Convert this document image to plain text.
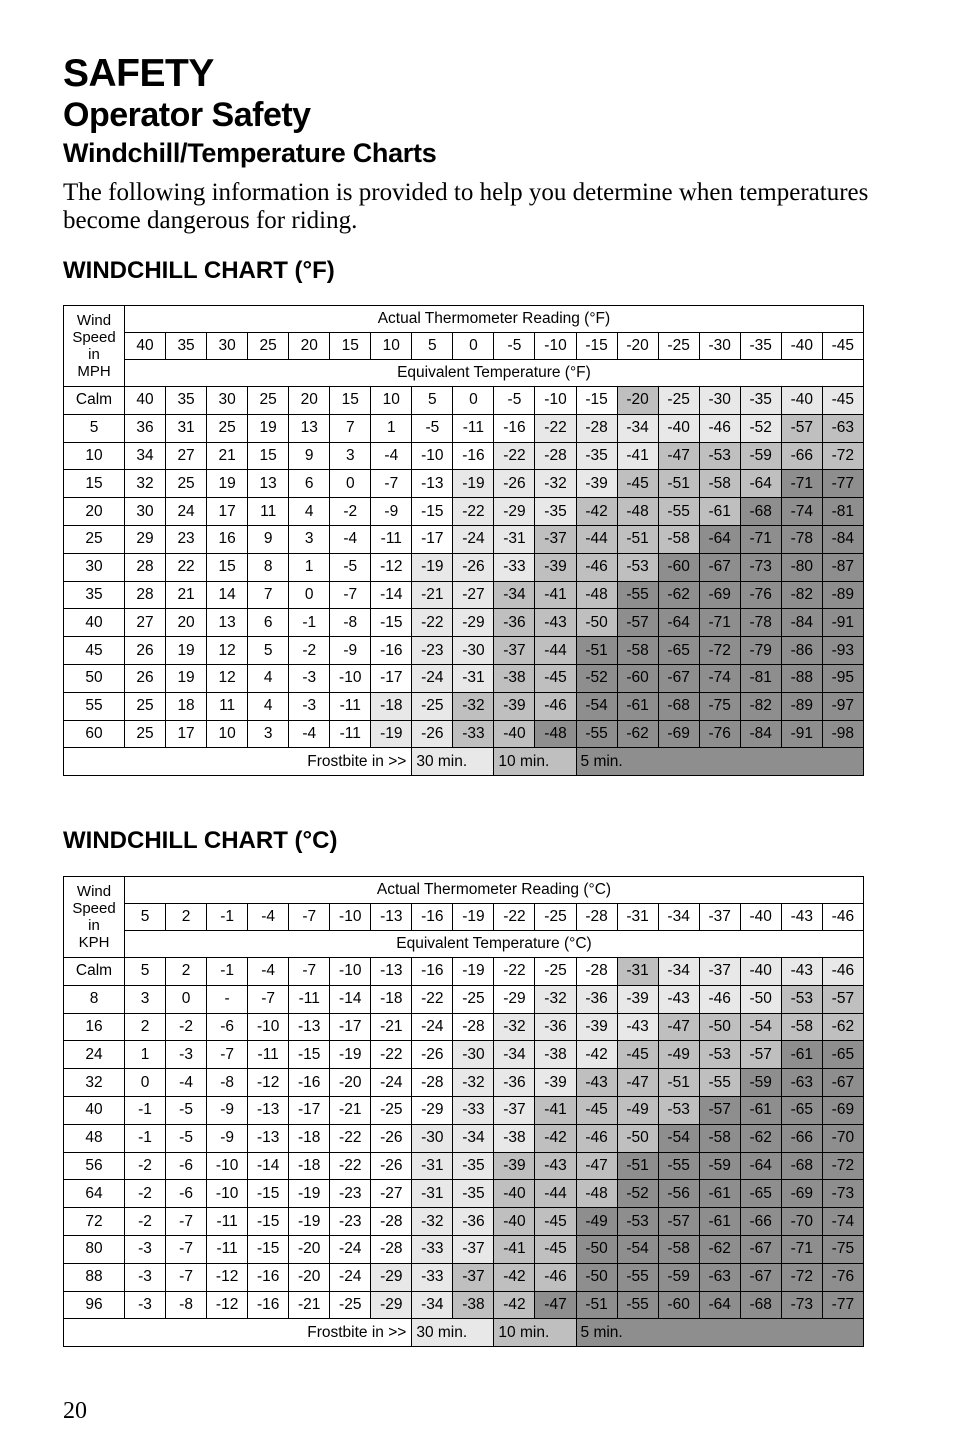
SAFETY
Operator Safety
Windchill/Temperature Charts
The following information is provided to help you determine when temperatures become dangerous for riding.
WINDCHILL CHART (°F)
Wind
Speed
in
MPH	Actual Thermometer Reading (°F)																	
	40	35	30	25	20	15	10	5	0	-5	-10	-15	-20	-25	-30	-35	-40	-45
	Equivalent Temperature (°F)																	
Calm	40	35	30	25	20	15	10	5	0	-5	-10	-15	-20	-25	-30	-35	-40	-45
5	36	31	25	19	13	7	1	-5	-11	-16	-22	-28	-34	-40	-46	-52	-57	-63
10	34	27	21	15	9	3	-4	-10	-16	-22	-28	-35	-41	-47	-53	-59	-66	-72
15	32	25	19	13	6	0	-7	-13	-19	-26	-32	-39	-45	-51	-58	-64	-71	-77
20	30	24	17	11	4	-2	-9	-15	-22	-29	-35	-42	-48	-55	-61	-68	-74	-81
25	29	23	16	9	3	-4	-11	-17	-24	-31	-37	-44	-51	-58	-64	-71	-78	-84
30	28	22	15	8	1	-5	-12	-19	-26	-33	-39	-46	-53	-60	-67	-73	-80	-87
35	28	21	14	7	0	-7	-14	-21	-27	-34	-41	-48	-55	-62	-69	-76	-82	-89
40	27	20	13	6	-1	-8	-15	-22	-29	-36	-43	-50	-57	-64	-71	-78	-84	-91
45	26	19	12	5	-2	-9	-16	-23	-30	-37	-44	-51	-58	-65	-72	-79	-86	-93
50	26	19	12	4	-3	-10	-17	-24	-31	-38	-45	-52	-60	-67	-74	-81	-88	-95
55	25	18	11	4	-3	-11	-18	-25	-32	-39	-46	-54	-61	-68	-75	-82	-89	-97
60	25	17	10	3	-4	-11	-19	-26	-33	-40	-48	-55	-62	-69	-76	-84	-91	-98
Frostbite in >>								30 min.		10 min.		5 min.						
WINDCHILL CHART (°C)
Wind
Speed
in
KPH	Actual Thermometer Reading (°C)																	
	5	2	-1	-4	-7	-10	-13	-16	-19	-22	-25	-28	-31	-34	-37	-40	-43	-46
	Equivalent Temperature (°C)																	
Calm	5	2	-1	-4	-7	-10	-13	-16	-19	-22	-25	-28	-31	-34	-37	-40	-43	-46
8	3	0	-	-7	-11	-14	-18	-22	-25	-29	-32	-36	-39	-43	-46	-50	-53	-57
16	2	-2	-6	-10	-13	-17	-21	-24	-28	-32	-36	-39	-43	-47	-50	-54	-58	-62
24	1	-3	-7	-11	-15	-19	-22	-26	-30	-34	-38	-42	-45	-49	-53	-57	-61	-65
32	0	-4	-8	-12	-16	-20	-24	-28	-32	-36	-39	-43	-47	-51	-55	-59	-63	-67
40	-1	-5	-9	-13	-17	-21	-25	-29	-33	-37	-41	-45	-49	-53	-57	-61	-65	-69
48	-1	-5	-9	-13	-18	-22	-26	-30	-34	-38	-42	-46	-50	-54	-58	-62	-66	-70
56	-2	-6	-10	-14	-18	-22	-26	-31	-35	-39	-43	-47	-51	-55	-59	-64	-68	-72
64	-2	-6	-10	-15	-19	-23	-27	-31	-35	-40	-44	-48	-52	-56	-61	-65	-69	-73
72	-2	-7	-11	-15	-19	-23	-28	-32	-36	-40	-45	-49	-53	-57	-61	-66	-70	-74
80	-3	-7	-11	-15	-20	-24	-28	-33	-37	-41	-45	-50	-54	-58	-62	-67	-71	-75
88	-3	-7	-12	-16	-20	-24	-29	-33	-37	-42	-46	-50	-55	-59	-63	-67	-72	-76
96	-3	-8	-12	-16	-21	-25	-29	-34	-38	-42	-47	-51	-55	-60	-64	-68	-73	-77
Frostbite in >>								30 min.		10 min.		5 min.						
20
